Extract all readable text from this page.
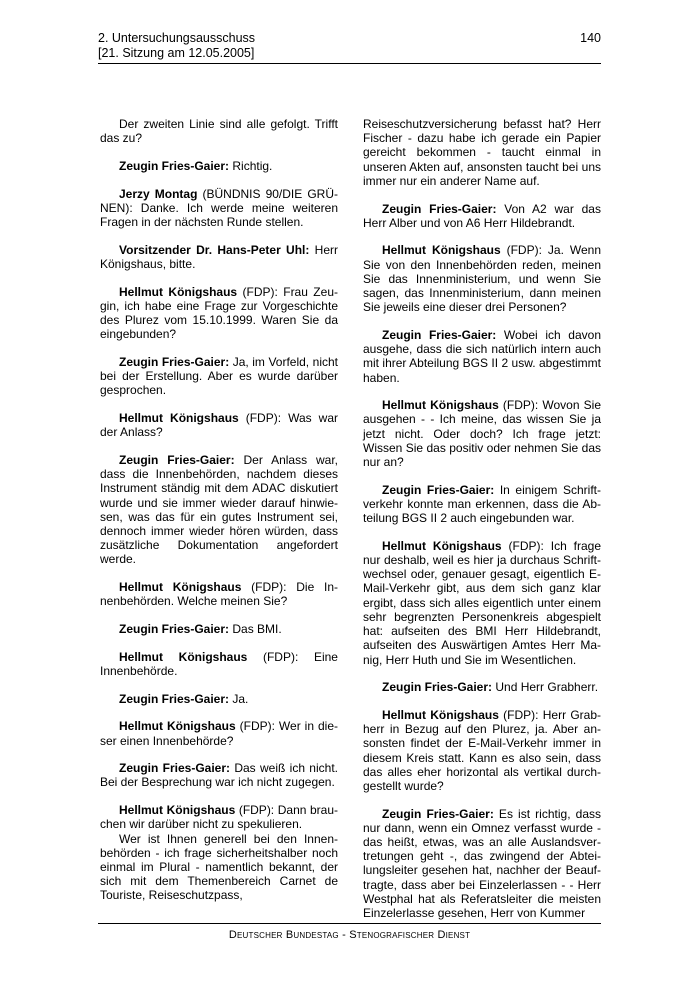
2. Untersuchungsausschuss
[21. Sitzung am 12.05.2005]
140

Der zweiten Linie sind alle gefolgt. Trifft das zu?

Zeugin Fries-Gaier: Richtig.

Jerzy Montag (BÜNDNIS 90/DIE GRÜNEN): Danke. Ich werde meine weiteren Fragen in der nächsten Runde stellen.

Vorsitzender Dr. Hans-Peter Uhl: Herr Königshaus, bitte.

Hellmut Königshaus (FDP): Frau Zeugin, ich habe eine Frage zur Vorgeschichte des Plurez vom 15.10.1999. Waren Sie da eingebunden?

Zeugin Fries-Gaier: Ja, im Vorfeld, nicht bei der Erstellung. Aber es wurde darüber gesprochen.

Hellmut Königshaus (FDP): Was war der Anlass?

Zeugin Fries-Gaier: Der Anlass war, dass die Innenbehörden, nachdem dieses Instrument ständig mit dem ADAC diskutiert wurde und sie immer wieder darauf hinwiesen, was das für ein gutes Instrument sei, dennoch immer wieder hören würden, dass zusätzliche Dokumentation angefordert werde.

Hellmut Königshaus (FDP): Die Innenbehörden. Welche meinen Sie?

Zeugin Fries-Gaier: Das BMI.

Hellmut Königshaus (FDP): Eine Innenbehörde.

Zeugin Fries-Gaier: Ja.

Hellmut Königshaus (FDP): Wer in dieser einen Innenbehörde?

Zeugin Fries-Gaier: Das weiß ich nicht. Bei der Besprechung war ich nicht zugegen.

Hellmut Königshaus (FDP): Dann brauchen wir darüber nicht zu spekulieren.

Wer ist Ihnen generell bei den Innenbehörden - ich frage sicherheitshalber noch einmal im Plural - namentlich bekannt, der sich mit dem Themenbereich Carnet de Touriste, Reiseschutzpass,

Reiseschutzversicherung befasst hat? Herr Fischer - dazu habe ich gerade ein Papier gereicht bekommen - taucht einmal in unseren Akten auf, ansonsten taucht bei uns immer nur ein anderer Name auf.

Zeugin Fries-Gaier: Von A2 war das Herr Alber und von A6 Herr Hildebrandt.

Hellmut Königshaus (FDP): Ja. Wenn Sie von den Innenbehörden reden, meinen Sie das Innenministerium, und wenn Sie sagen, das Innenministerium, dann meinen Sie jeweils eine dieser drei Personen?

Zeugin Fries-Gaier: Wobei ich davon ausgehe, dass die sich natürlich intern auch mit ihrer Abteilung BGS II 2 usw. abgestimmt haben.

Hellmut Königshaus (FDP): Wovon Sie ausgehen - - Ich meine, das wissen Sie ja jetzt nicht. Oder doch? Ich frage jetzt: Wissen Sie das positiv oder nehmen Sie das nur an?

Zeugin Fries-Gaier: In einigem Schriftverkehr konnte man erkennen, dass die Abteilung BGS II 2 auch eingebunden war.

Hellmut Königshaus (FDP): Ich frage nur deshalb, weil es hier ja durchaus Schriftwechsel oder, genauer gesagt, eigentlich E-Mail-Verkehr gibt, aus dem sich ganz klar ergibt, dass sich alles eigentlich unter einem sehr begrenzten Personenkreis abgespielt hat: aufseiten des BMI Herr Hildebrandt, aufseiten des Auswärtigen Amtes Herr Manig, Herr Huth und Sie im Wesentlichen.

Zeugin Fries-Gaier: Und Herr Grabherr.

Hellmut Königshaus (FDP): Herr Grabherr in Bezug auf den Plurez, ja. Aber ansonsten findet der E-Mail-Verkehr immer in diesem Kreis statt. Kann es also sein, dass das alles eher horizontal als vertikal durchgestellt wurde?

Zeugin Fries-Gaier: Es ist richtig, dass nur dann, wenn ein Omnez verfasst wurde - das heißt, etwas, was an alle Auslandsvertretungen geht -, das zwingend der Abteilungsleiter gesehen hat, nachher der Beauftragte, dass aber bei Einzelerlassen - - Herr Westphal hat als Referatsleiter die meisten Einzelerlasse gesehen, Herr von Kummer

Deutscher Bundestag - Stenografischer Dienst
